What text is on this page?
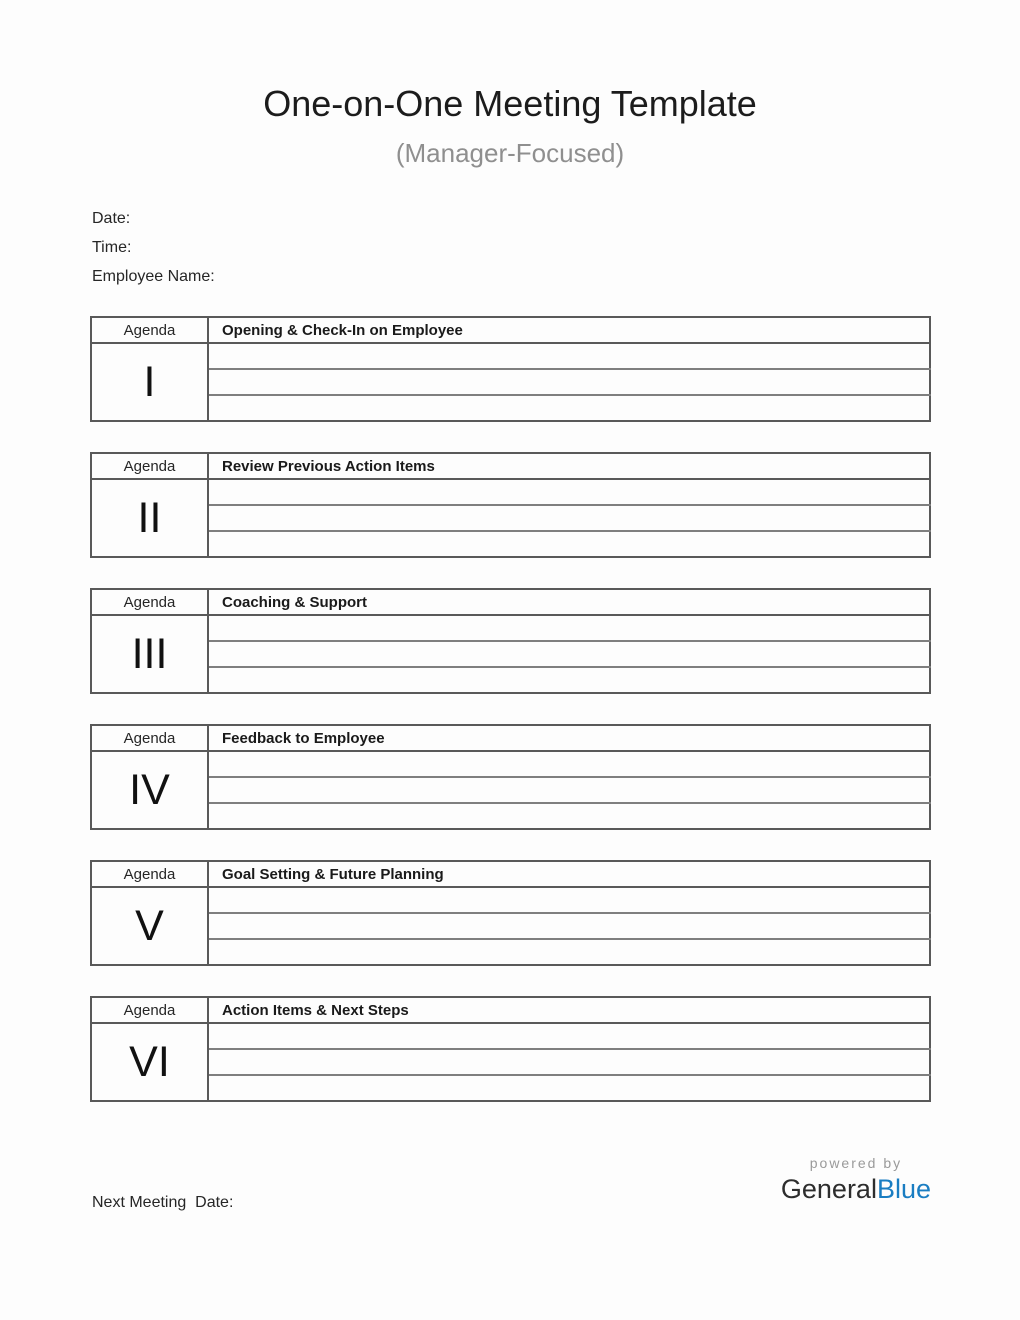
One-on-One Meeting Template
(Manager-Focused)
Date:
Time:
Employee Name:
Agenda	Opening & Check-In on Employee
I	

Agenda	Review Previous Action Items
II	

Agenda	Coaching & Support
III	

Agenda	Feedback to Employee
IV	

Agenda	Goal Setting & Future Planning
V	

Agenda	Action Items & Next Steps
VI	

powered by
GeneralBlue
Next Meeting  Date:
